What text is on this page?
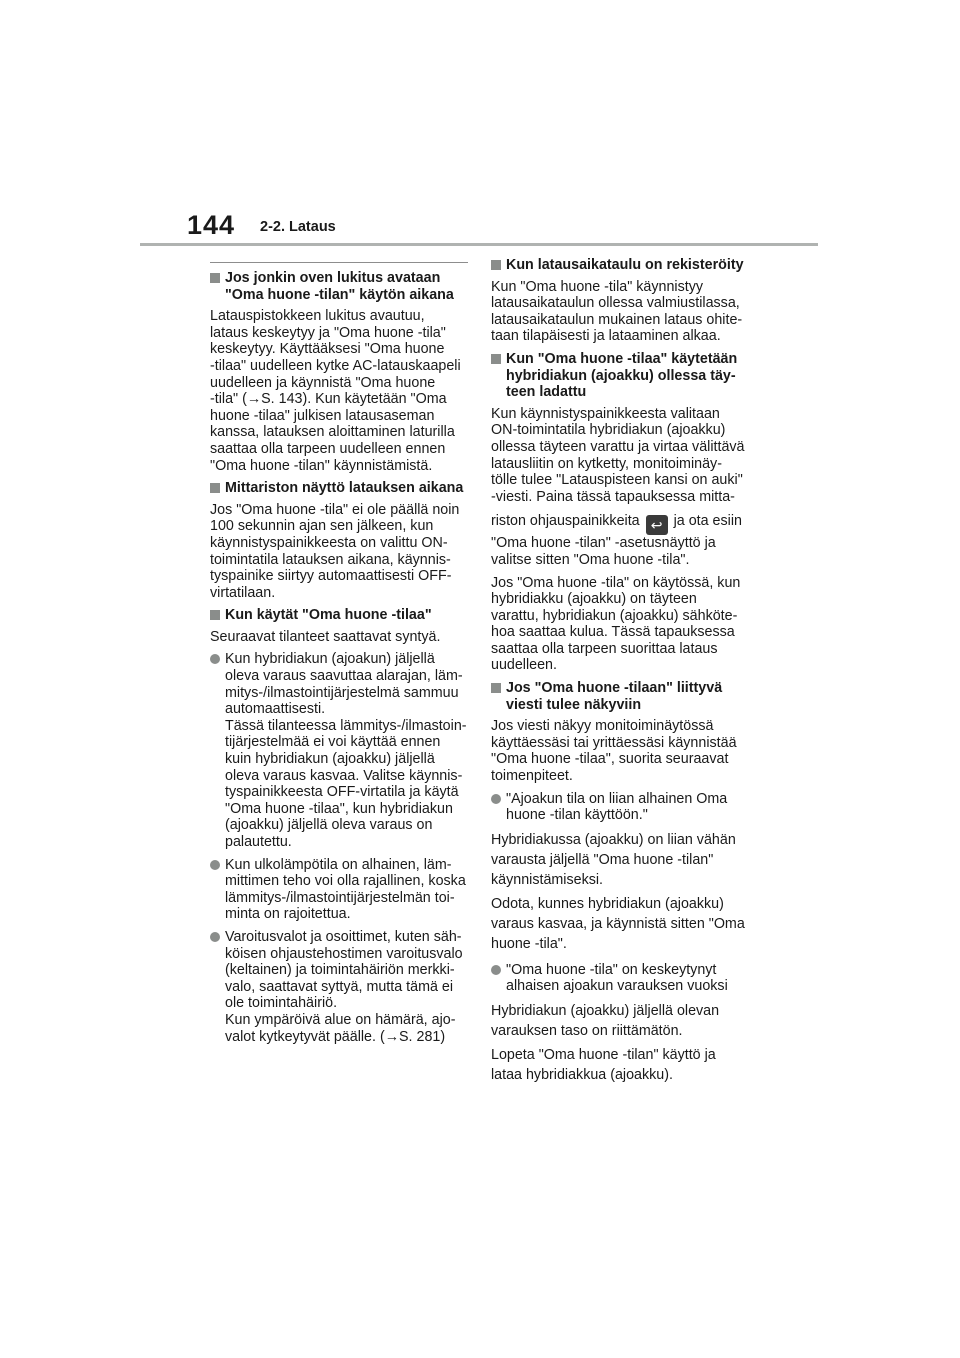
144 2-2. Lataus
Jos jonkin oven lukitus avataan
"Oma huone -tilan" käytön aikana
Latauspistokkeen lukitus avautuu,
lataus keskeytyy ja "Oma huone -tila"
keskeytyy. Käyttääksesi "Oma huone
-tilaa" uudelleen kytke AC-latauskaapeli
uudelleen ja käynnistä "Oma huone
-tila" (→S. 143). Kun käytetään "Oma
huone -tilaa" julkisen latausaseman
kanssa, latauksen aloittaminen laturilla
saattaa olla tarpeen uudelleen ennen
"Oma huone -tilan" käynnistämistä.
Mittariston näyttö latauksen aikana
Jos "Oma huone -tila" ei ole päällä noin
100 sekunnin ajan sen jälkeen, kun
käynnistyspainikkeesta on valittu ON-
toimintatila latauksen aikana, käynnis-
tyspainike siirtyy automaattisesti OFF-
virtatilaan.
Kun käytät "Oma huone -tilaa"
Seuraavat tilanteet saattavat syntyä.
Kun hybridiakun (ajoakun) jäljellä
oleva varaus saavuttaa alarajan, läm-
mitys-/ilmastointijärjestelmä sammuu
automaattisesti.
Tässä tilanteessa lämmitys-/ilmastoin-
tijärjestelmää ei voi käyttää ennen
kuin hybridiakun (ajoakku) jäljellä
oleva varaus kasvaa. Valitse käynnis-
tyspainikkeesta OFF-virtatila ja käytä
"Oma huone -tilaa", kun hybridiakun
(ajoakku) jäljellä oleva varaus on
palautettu.
Kun ulkolämpötila on alhainen, läm-
mittimen teho voi olla rajallinen, koska
lämmitys-/ilmastointijärjestelmän toi-
minta on rajoitettua.
Varoitusvalot ja osoittimet, kuten säh-
köisen ohjaustehostimen varoitusvalo
(keltainen) ja toimintahäiriön merkki-
valo, saattavat syttyä, mutta tämä ei
ole toimintahäiriö.
Kun ympäröivä alue on hämärä, ajo-
valot kytkeytyvät päälle. (→S. 281)
Kun latausaikataulu on rekisteröity
Kun "Oma huone -tila" käynnistyy
latausaikataulun ollessa valmiustilassa,
latausaikataulun mukainen lataus ohite-
taan tilapäisesti ja lataaminen alkaa.
Kun "Oma huone -tilaa" käytetään
hybridiakun (ajoakku) ollessa täy-
teen ladattu
Kun käynnistyspainikkeesta valitaan
ON-toimintatila hybridiakun (ajoakku)
ollessa täyteen varattu ja virtaa välittävä
latausliitin on kytketty, monitoiminäy-
tölle tulee "Latauspisteen kansi on auki"
-viesti. Paina tässä tapauksessa mitta-
riston ohjauspainikkeita ↩ ja ota esiin
"Oma huone -tilan" -asetusnäyttö ja
valitse sitten "Oma huone -tila".
Jos "Oma huone -tila" on käytössä, kun
hybridiakku (ajoakku) on täyteen
varattu, hybridiakun (ajoakku) sähköte-
hoa saattaa kulua. Tässä tapauksessa
saattaa olla tarpeen suorittaa lataus
uudelleen.
Jos "Oma huone -tilaan" liittyvä
viesti tulee näkyviin
Jos viesti näkyy monitoiminäytössä
käyttäessäsi tai yrittäessäsi käynnistää
"Oma huone -tilaa", suorita seuraavat
toimenpiteet.
"Ajoakun tila on liian alhainen Oma
huone -tilan käyttöön."
Hybridiakussa (ajoakku) on liian vähän
varausta jäljellä "Oma huone -tilan"
käynnistämiseksi.
Odota, kunnes hybridiakun (ajoakku)
varaus kasvaa, ja käynnistä sitten "Oma
huone -tila".
"Oma huone -tila" on keskeytynyt
alhaisen ajoakun varauksen vuoksi
Hybridiakun (ajoakku) jäljellä olevan
varauksen taso on riittämätön.
Lopeta "Oma huone -tilan" käyttö ja
lataa hybridiakkua (ajoakku).
